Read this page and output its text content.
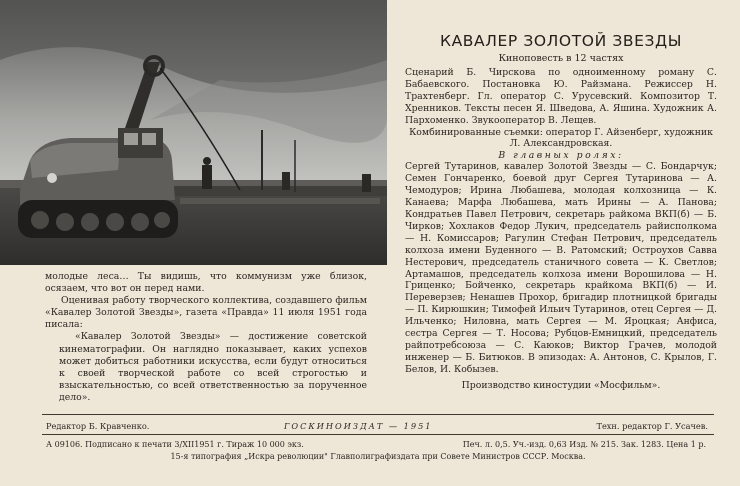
молодые леса… Ты видишь, что коммунизм уже близок, осязаем, что вот он перед нами.

Оценивая работу творческого коллектива, создавшего фильм «Кавалер Золотой Звезды», газета «Правда» 11 июля 1951 года писала:

«Кавалер Золотой Звезды» — достижение советской кинематографии. Он наглядно показывает, каких успехов может добиться работники искусства, если будут относиться к своей творческой работе со всей строгостью и взыскательностью, со всей ответственностью за порученное дело».

КАВАЛЕР ЗОЛОТОЙ ЗВЕЗДЫ

Киноповесть в 12 частях

Сценарий Б. Чирскова по одноименному роману С. Бабаевского. Постановка Ю. Райзмана. Режиссер Н. Трахтенберг. Гл. оператор С. Урусевский. Композитор Т. Хренников. Тексты песен Я. Шведова, А. Яшина. Художник А. Пархоменко. Звукооператор В. Лещев.

Комбинированные съемки: оператор Г. Айзенберг, художник Л. Александровская.

В главных ролях:

Сергей Тутаринов, кавалер Золотой Звезды — С. Бондарчук; Семен Гончаренко, боевой друг Сергея Тутаринова — А. Чемодуров; Ирина Любашева, молодая колхозница — К. Канаева; Марфа Любашева, мать Ирины — А. Панова; Кондратьев Павел Петрович, секретарь райкома ВКП(б) — Б. Чирков; Хохлаков Федор Лукич, председатель райисполкома — Н. Комиссаров; Рагулин Стефан Петрович, председатель колхоза имени Буденного — В. Ратомский; Остроухов Савва Нестерович, председатель станичного совета — К. Светлов; Артамашов, председатель колхоза имени Ворошилова — Н. Гриценко; Бойченко, секретарь крайкома ВКП(б) — И. Переверзев; Ненашев Прохор, бригадир плотницкой бригады — П. Кирюшкин; Тимофей Ильич Тутаринов, отец Сергея — Д. Ильченко; Ниловна, мать Сергея — М. Яроцкая; Анфиса, сестра Сергея — Т. Носова; Рубцов-Емницкий, председатель райпотребсоюза — С. Каюков; Виктор Грачев, молодой инженер — Б. Битюков. В эпизодах: А. Антонов, С. Крылов, Г. Белов, И. Кобызев.

Производство киностудии «Мосфильм».

Редактор Б. Кравченко.	ГОСКИНОИЗДАТ — 1951	Техн. редактор Г. Усачев.
А 09106. Подписано к печати 3/XII1951 г. Тираж 10 000 экз.	Печ. л. 0,5. Уч.-изд. 0,63 Изд. № 215. Зак. 1283. Цена 1 р.
15-я типография „Искра революции" Главполиграфиздата при Совете Министров СССР. Москва.
